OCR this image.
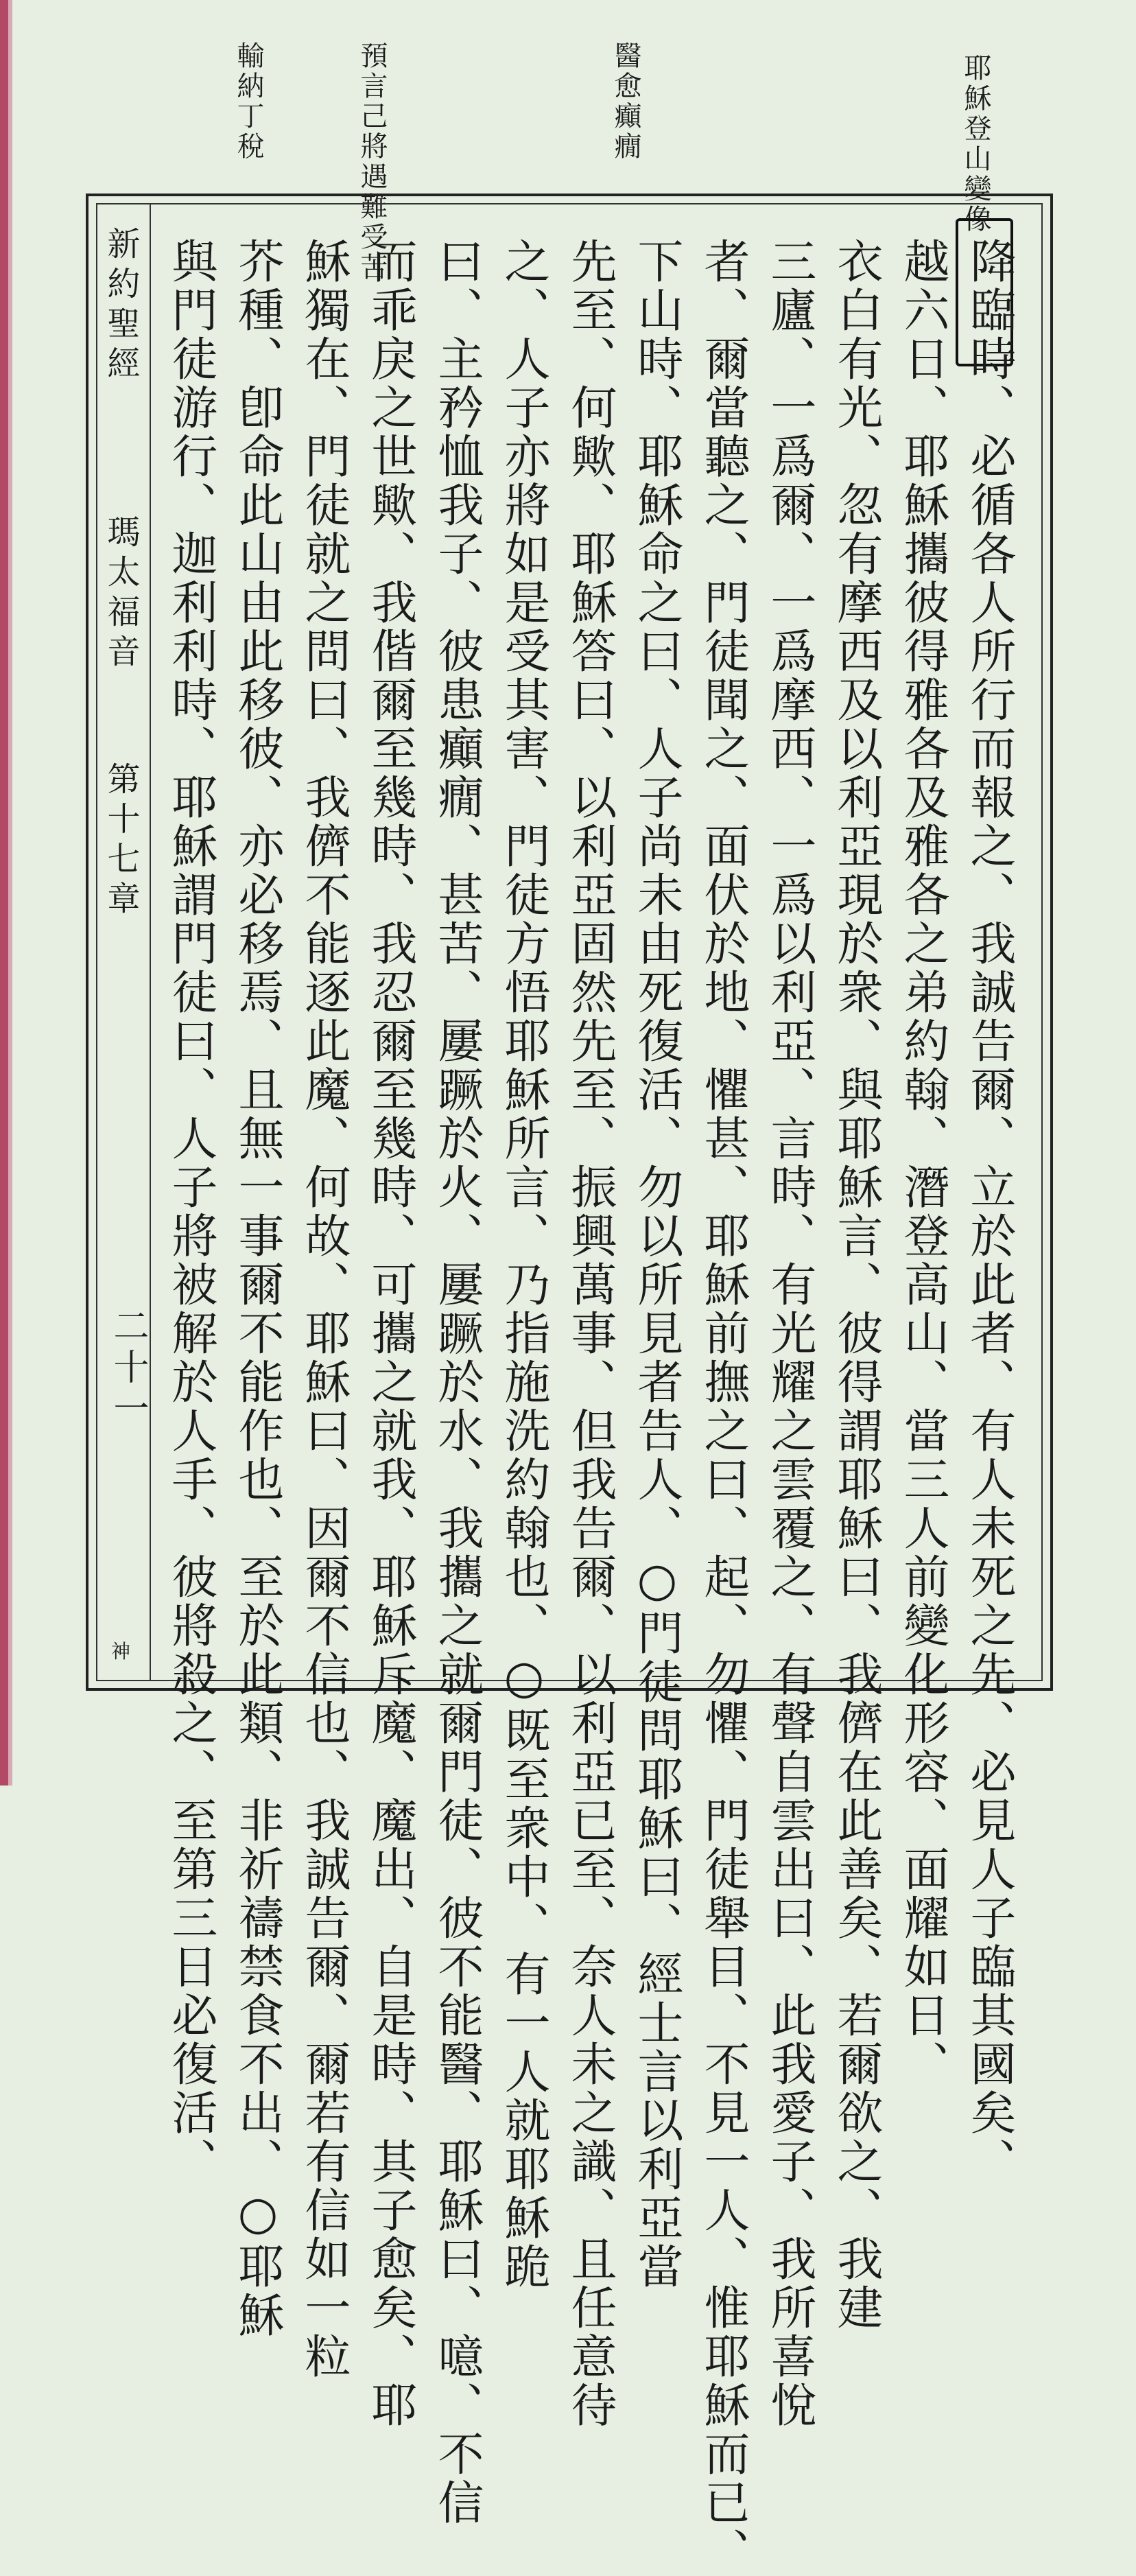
耶穌登山變像
醫愈癲癇
預言己將遇難受苦
輸納丁稅
新約聖經
瑪太福音
第十七章
二十一
神	降臨時、必循各人所行而報之、我誠告爾、立於此者、有人未死之先、必見人子臨其國矣、
越六日、耶穌攜彼得雅各及雅各之弟約翰、潛登高山、當三人前變化形容、面耀如日、
衣白有光、忽有摩西及以利亞現於衆、與耶穌言、彼得謂耶穌曰、我儕在此善矣、若爾欲之、我建
三廬、一爲爾、一爲摩西、一爲以利亞、言時、有光耀之雲覆之、有聲自雲出曰、此我愛子、我所喜悅
者、爾當聽之、門徒聞之、面伏於地、懼甚、耶穌前撫之曰、起、勿懼、門徒舉目、不見一人、惟耶穌而已、
下山時、耶穌命之曰、人子尚未由死復活、勿以所見者告人、○門徒問耶穌曰、經士言以利亞當
先至、何歟、耶穌答曰、以利亞固然先至、振興萬事、但我告爾、以利亞已至、奈人未之識、且任意待
之、人子亦將如是受其害、門徒方悟耶穌所言、乃指施洗約翰也、○既至衆中、有一人就耶穌跪
曰、主矜恤我子、彼患癲癇、甚苦、屢蹶於火、屢蹶於水、我攜之就爾門徒、彼不能醫、耶穌曰、噫、不信
而乖戾之世歟、我偕爾至幾時、我忍爾至幾時、可攜之就我、耶穌斥魔、魔出、自是時、其子愈矣、耶
穌獨在、門徒就之問曰、我儕不能逐此魔、何故、耶穌曰、因爾不信也、我誠告爾、爾若有信如一粒
芥種、卽命此山由此移彼、亦必移焉、且無一事爾不能作也、至於此類、非祈禱禁食不出、○耶穌
與門徒游行、迦利利時、耶穌謂門徒曰、人子將被解於人手、彼將殺之、至第三日必復活、
